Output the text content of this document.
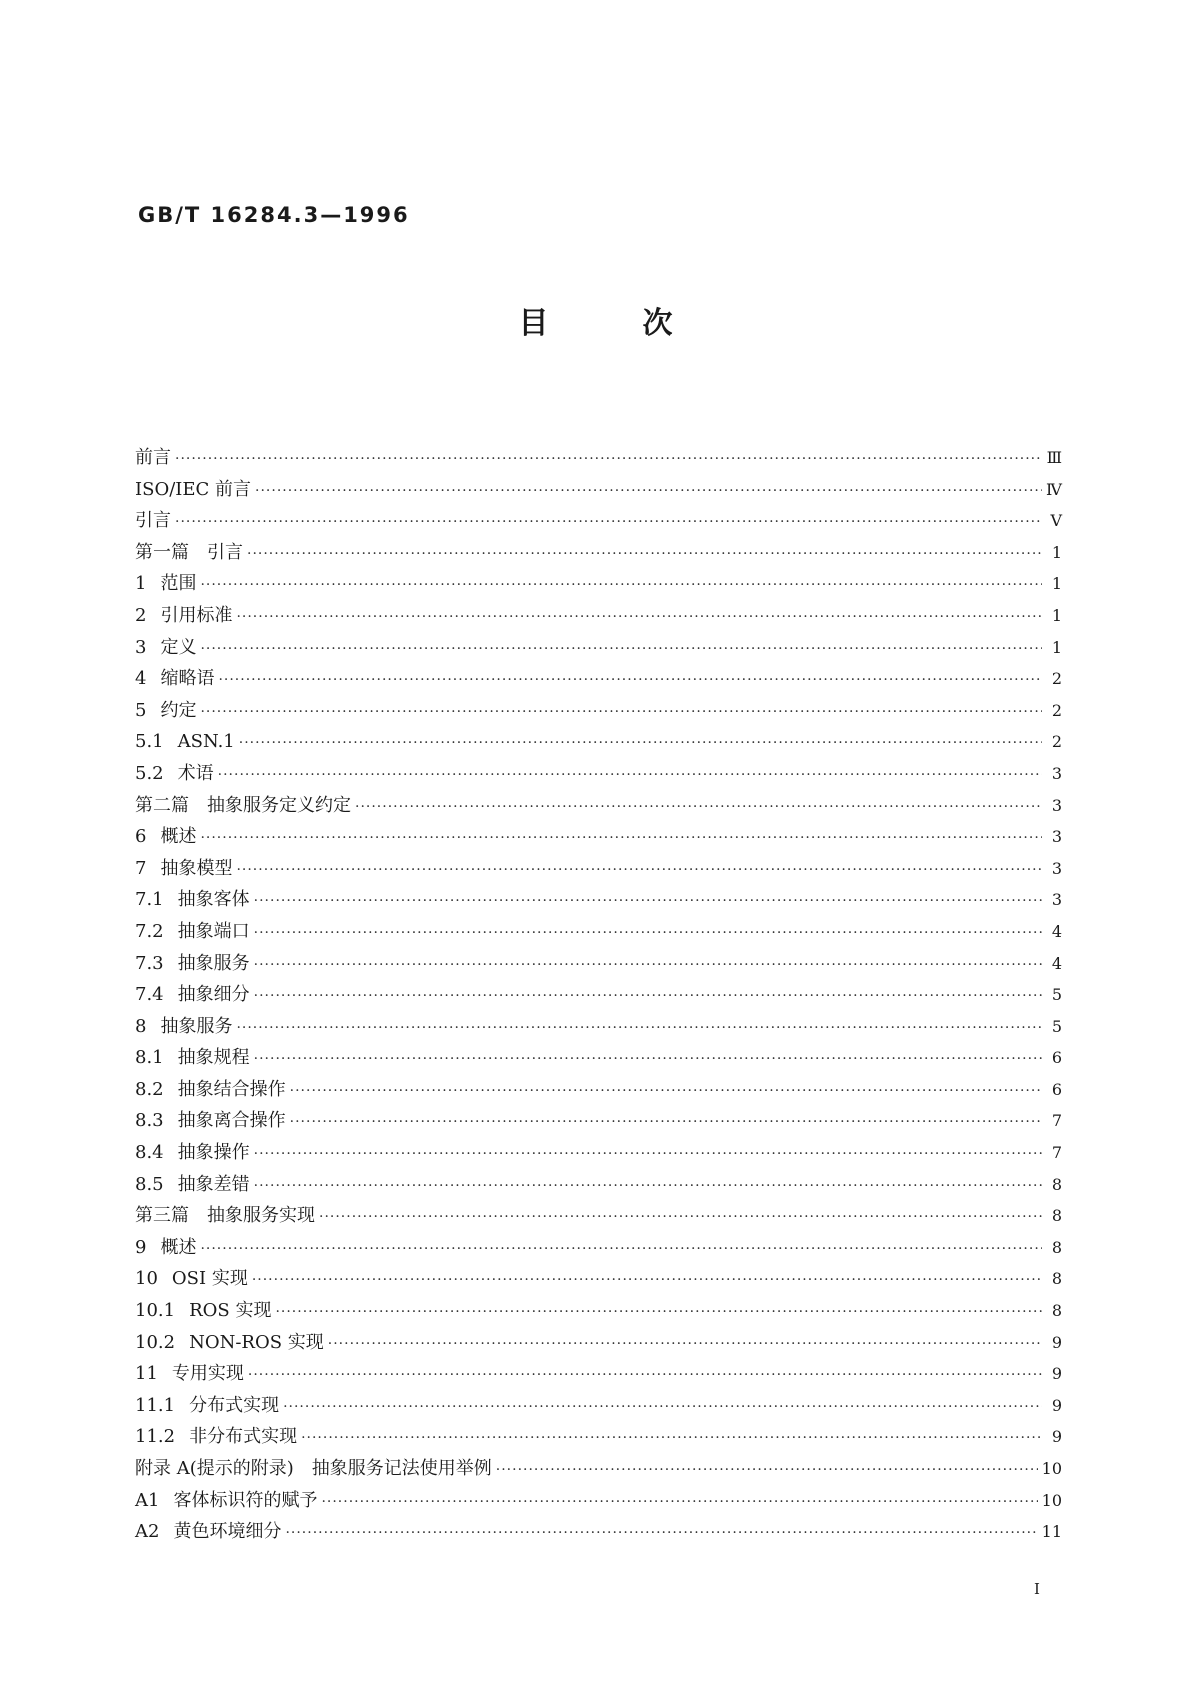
GB/T 16284.3—1996
目	次
前言 ·····	Ⅲ
ISO/IEC 前言 ·····	Ⅳ
引言 ·····	Ⅴ
第一篇　引言 ·····	1
1 范围 ·····	1
2 引用标准 ·····	1
3 定义 ·····	1
4 缩略语 ·····	2
5 约定 ·····	2
5.1 ASN.1 ·····	2
5.2 术语 ·····	3
第二篇　抽象服务定义约定 ·····	3
6 概述 ·····	3
7 抽象模型 ·····	3
7.1 抽象客体 ·····	3
7.2 抽象端口 ·····	4
7.3 抽象服务 ·····	4
7.4 抽象细分 ·····	5
8 抽象服务 ·····	5
8.1 抽象规程 ·····	6
8.2 抽象结合操作 ·····	6
8.3 抽象离合操作 ·····	7
8.4 抽象操作 ·····	7
8.5 抽象差错 ·····	8
第三篇　抽象服务实现 ·····	8
9 概述 ·····	8
10 OSI 实现 ·····	8
10.1 ROS 实现 ·····	8
10.2 NON-ROS 实现 ·····	9
11 专用实现 ·····	9
11.1 分布式实现 ·····	9
11.2 非分布式实现 ·····	9
附录 A(提示的附录)　抽象服务记法使用举例 ·····	10
A1 客体标识符的赋予 ·····	10
A2 黄色环境细分 ·····	11
I
